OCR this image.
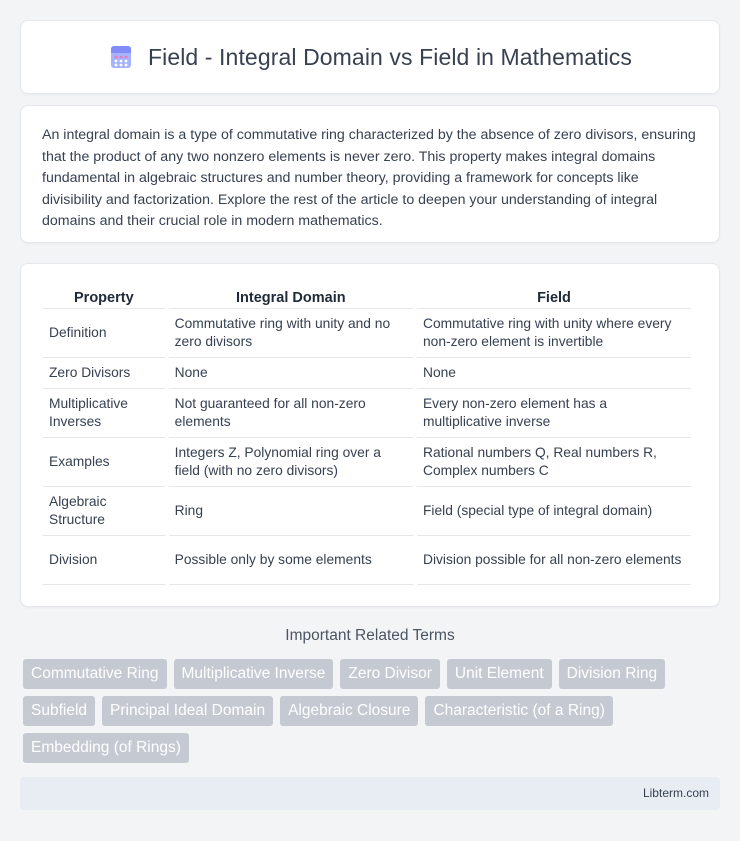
Field - Integral Domain vs Field in Mathematics

An integral domain is a type of commutative ring characterized by the absence of zero divisors, ensuring that the product of any two nonzero elements is never zero. This property makes integral domains fundamental in algebraic structures and number theory, providing a framework for concepts like divisibility and factorization. Explore the rest of the article to deepen your understanding of integral domains and their crucial role in modern mathematics.

Property	Integral Domain	Field
Definition	Commutative ring with unity and no zero divisors	Commutative ring with unity where every non-zero element is invertible
Zero Divisors	None	None
Multiplicative Inverses	Not guaranteed for all non-zero elements	Every non-zero element has a multiplicative inverse
Examples	Integers Z, Polynomial ring over a field (with no zero divisors)	Rational numbers Q, Real numbers R, Complex numbers C
Algebraic Structure	Ring	Field (special type of integral domain)
Division	Possible only by some elements	Division possible for all non-zero elements
Important Related Terms
Commutative Ring	Multiplicative Inverse	Zero Divisor	Unit Element	Division Ring
Subfield	Principal Ideal Domain	Algebraic Closure	Characteristic (of a Ring)
Embedding (of Rings)
Libterm.com
